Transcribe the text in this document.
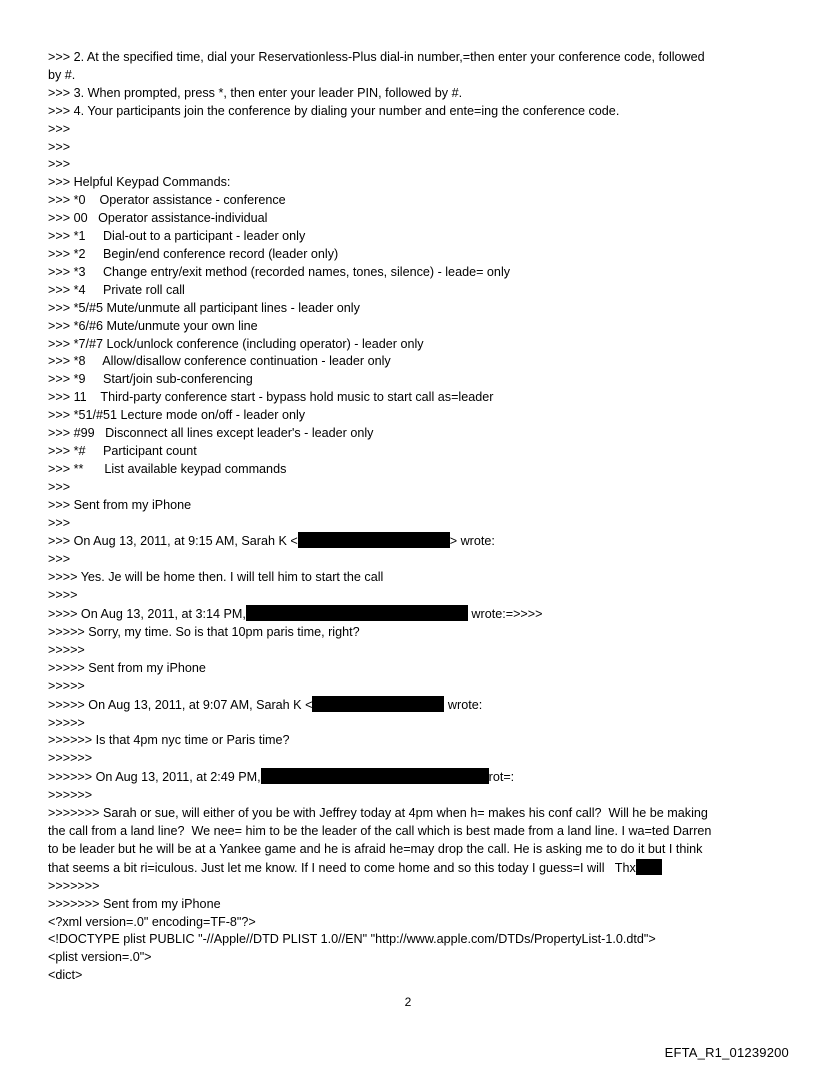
>>> 2. At the specified time, dial your Reservationless-Plus dial-in number,=then enter your conference code, followed
by #.
>>> 3. When prompted, press *, then enter your leader PIN, followed by #.
>>> 4. Your participants join the conference by dialing your number and ente=ing the conference code.
>>>
>>>
>>>
>>> Helpful Keypad Commands:
>>> *0    Operator assistance - conference
>>> 00   Operator assistance-individual
>>> *1     Dial-out to a participant - leader only
>>> *2     Begin/end conference record (leader only)
>>> *3     Change entry/exit method (recorded names, tones, silence) - leade= only
>>> *4     Private roll call
>>> *5/#5 Mute/unmute all participant lines - leader only
>>> *6/#6 Mute/unmute your own line
>>> *7/#7 Lock/unlock conference (including operator) - leader only
>>> *8     Allow/disallow conference continuation - leader only
>>> *9     Start/join sub-conferencing
>>> 11    Third-party conference start - bypass hold music to start call as=leader
>>> *51/#51 Lecture mode on/off - leader only
>>> #99   Disconnect all lines except leader's - leader only
>>> *#     Participant count
>>> **      List available keypad commands
>>>
>>> Sent from my iPhone
>>>
>>> On Aug 13, 2011, at 9:15 AM, Sarah K <	> wrote:
>>>
>>>> Yes. Je will be home then. I will tell him to start the call
>>>>
>>>> On Aug 13, 2011, at 3:14 PM,	wrote:=>>>>
>>>>> Sorry, my time. So is that 10pm paris time, right?
>>>>>
>>>>> Sent from my iPhone
>>>>>
>>>>> On Aug 13, 2011, at 9:07 AM, Sarah K <	wrote:
>>>>>
>>>>>> Is that 4pm nyc time or Paris time?
>>>>>>
>>>>>> On Aug 13, 2011, at 2:49 PM,	rot=:
>>>>>>
>>>>>>> Sarah or sue, will either of you be with Jeffrey today at 4pm when h= makes his conf call?  Will he be making
the call from a land line?  We nee= him to be the leader of the call which is best made from a land line. I wa=ted Darren
to be leader but he will be at a Yankee game and he is afraid he=may drop the call. He is asking me to do it but I think
that seems a bit ri=iculous. Just let me know. If I need to come home and so this today I guess=I will   Thx
>>>>>>>
>>>>>>> Sent from my iPhone
<?xml version=.0" encoding=TF-8"?>
<!DOCTYPE plist PUBLIC "-//Apple//DTD PLIST 1.0//EN" "http://www.apple.com/DTDs/PropertyList-1.0.dtd">
<plist version=.0">
<dict>
2
EFTA_R1_01239200
